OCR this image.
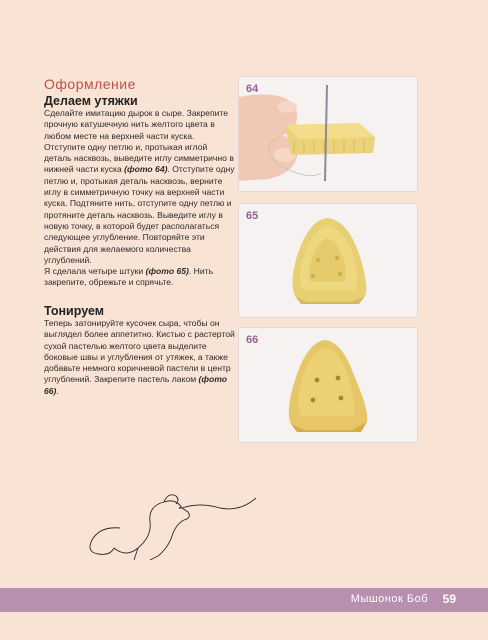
Оформление
Делаем утяжки

Сделайте имитацию дырок в сыре. Закрепите прочную катушечную нить желтого цвета в любом месте на верхней части куска. Отступите одну петлю и, протыкая иглой деталь насквозь, выведите иглу симметрично в нижней части куска (фото 64). Отступите одну петлю и, протыкая деталь насквозь, верните иглу в симметричную точку на верхней части куска. Подтяните нить, отступите одну петлю и протяните деталь насквозь. Выведите иглу в новую точку, в которой будет располагаться следующее углубление. Повторяйте эти действия для желаемого количества углублений.

Я сделала четыре штуки (фото 65). Нить закрепите, обрежьте и спрячьте.

Тонируем

Теперь затонируйте кусочек сыра, чтобы он выглядел более аппетитно. Кистью с растертой сухой пастелью желтого цвета выделите боковые швы и углубления от утяжек, а также добавьте немного коричневой пастели в центр углублений. Закрепите пастель лаком (фото 66).

64
65
66
Мышонок Боб 59
